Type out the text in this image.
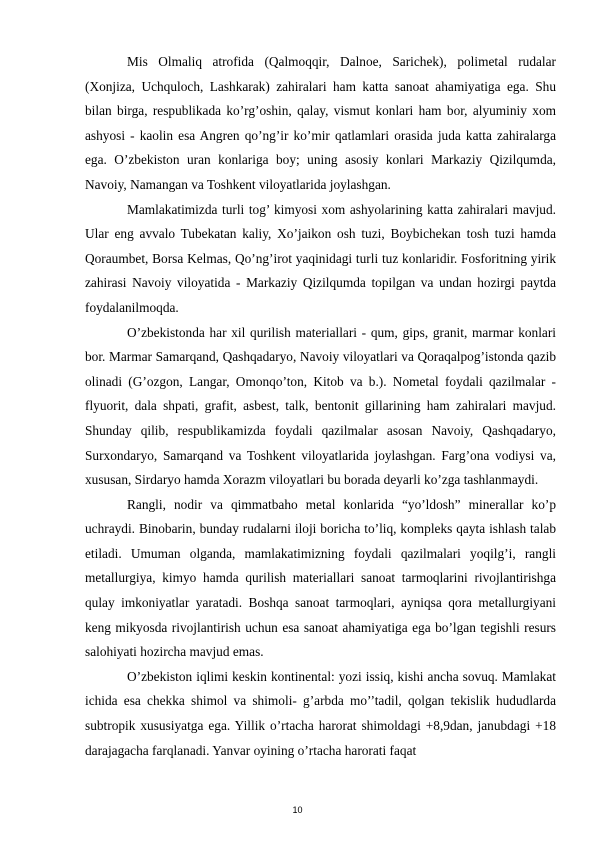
Mis Olmaliq atrofida (Qalmoqqir, Dalnoe, Sarichek), polimetal rudalar (Xonjiza, Uchquloch, Lashkarak) zahiralari ham katta sanoat ahamiyatiga ega. Shu bilan birga, respublikada ko’rg’oshin, qalay, vismut konlari ham bor, alyuminiy xom ashyosi - kaolin esa Angren qo’ng’ir ko’mir qatlamlari orasida juda katta zahiralarga ega. O’zbekiston uran konlariga boy; uning asosiy konlari Markaziy Qizilqumda, Navoiy, Namangan va Toshkent viloyatlarida joylashgan.

Mamlakatimizda turli tog’ kimyosi xom ashyolarining katta zahiralari mavjud. Ular eng avvalo Tubekatan kaliy, Xo’jaikon osh tuzi, Boybichekan tosh tuzi hamda Qoraumbet, Borsa Kelmas, Qo’ng’irot yaqinidagi turli tuz konlaridir. Fosforitning yirik zahirasi Navoiy viloyatida - Markaziy Qizilqumda topilgan va undan hozirgi paytda foydalanilmoqda.

O’zbekistonda har xil qurilish materiallari - qum, gips, granit, marmar konlari bor. Marmar Samarqand, Qashqadaryo, Navoiy viloyatlari va Qoraqalpog’istonda qazib olinadi (G’ozgon, Langar, Omonqo’ton, Kitob va b.). Nometal foydali qazilmalar - flyuorit, dala shpati, grafit, asbest, talk, bentonit gillarining ham zahiralari mavjud. Shunday qilib, respublikamizda foydali qazilmalar asosan Navoiy, Qashqadaryo, Surxondaryo, Samarqand va Toshkent viloyatlarida joylashgan. Farg’ona vodiysi va, xususan, Sirdaryo hamda Xorazm viloyatlari bu borada deyarli ko’zga tashlanmaydi.

Rangli, nodir va qimmatbaho metal konlarida “yo’ldosh” minerallar ko’p uchraydi. Binobarin, bunday rudalarni iloji boricha to’liq, kompleks qayta ishlash talab etiladi. Umuman olganda, mamlakatimizning foydali qazilmalari yoqilg’i, rangli metallurgiya, kimyo hamda qurilish materiallari sanoat tarmoqlarini rivojlantirishga qulay imkoniyatlar yaratadi. Boshqa sanoat tarmoqlari, ayniqsa qora metallurgiyani keng mikyosda rivojlantirish uchun esa sanoat ahamiyatiga ega bo’lgan tegishli resurs salohiyati hozircha mavjud emas.

O’zbekiston iqlimi keskin kontinental: yozi issiq, kishi ancha sovuq. Mamlakat ichida esa chekka shimol va shimoli- g’arbda mo’’tadil, qolgan tekislik hududlarda subtropik xususiyatga ega. Yillik o’rtacha harorat shimoldagi +8,9dan, janubdagi +18 darajagacha farqlanadi. Yanvar oyining o’rtacha harorati faqat

10
